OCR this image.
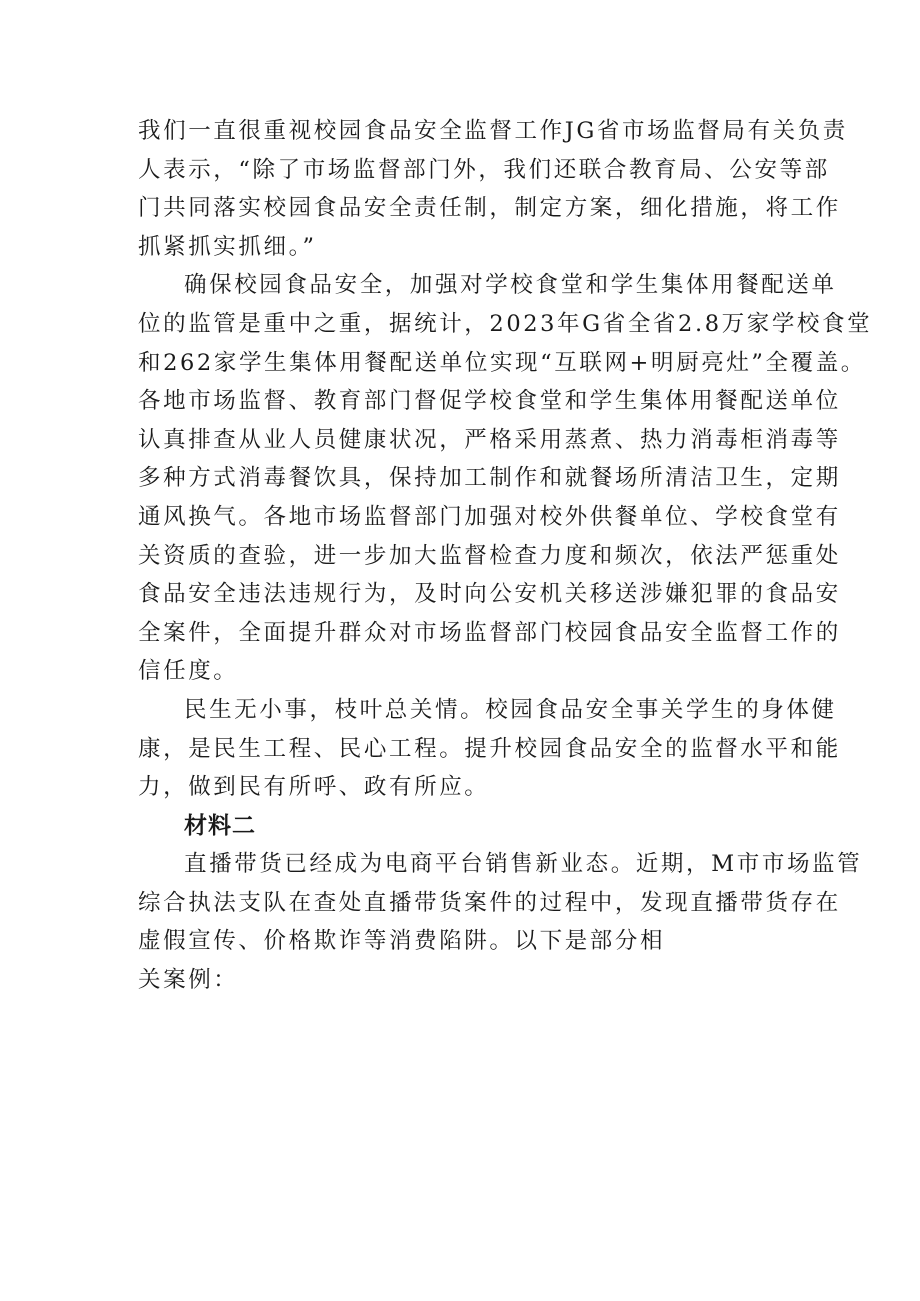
我们一直很重视校园食品安全监督工作JG省市场监督局有关负责
人表示，“除了市场监督部门外，我们还联合教育局、公安等部
门共同落实校园食品安全责任制，制定方案，细化措施，将工作
抓紧抓实抓细。”

确保校园食品安全，加强对学校食堂和学生集体用餐配送单
位的监管是重中之重，据统计，2023年G省全省2.8万家学校食堂
和262家学生集体用餐配送单位实现“互联网+明厨亮灶”全覆盖。
各地市场监督、教育部门督促学校食堂和学生集体用餐配送单位
认真排查从业人员健康状况，严格采用蒸煮、热力消毒柜消毒等
多种方式消毒餐饮具，保持加工制作和就餐场所清洁卫生，定期
通风换气。各地市场监督部门加强对校外供餐单位、学校食堂有
关资质的查验，进一步加大监督检查力度和频次，依法严惩重处
食品安全违法违规行为，及时向公安机关移送涉嫌犯罪的食品安
全案件，全面提升群众对市场监督部门校园食品安全监督工作的
信任度。

民生无小事，枝叶总关情。校园食品安全事关学生的身体健
康，是民生工程、民心工程。提升校园食品安全的监督水平和能
力，做到民有所呼、政有所应。

材料二

直播带货已经成为电商平台销售新业态。近期，M市市场监管
综合执法支队在查处直播带货案件的过程中，发现直播带货存在
虚假宣传、价格欺诈等消费陷阱。以下是部分相
关案例：
